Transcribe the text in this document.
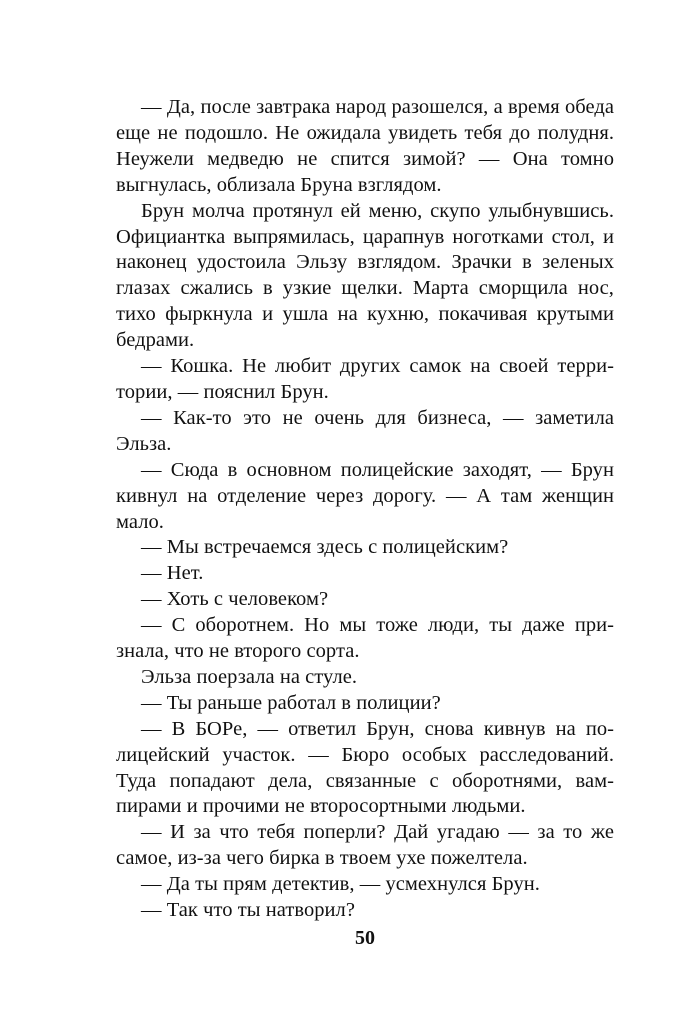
— Да, после завтрака народ разошелся, а время обеда еще не подошло. Не ожидала увидеть тебя до полудня. Неужели медведю не спится зимой? — Она томно выгнулась, облизала Бруна взглядом.

Брун молча протянул ей меню, скупо улыбнувшись. Официантка выпрямилась, царапнув ноготками стол, и наконец удостоила Эльзу взглядом. Зрачки в зеленых глазах сжались в узкие щелки. Марта сморщила нос, тихо фыркнула и ушла на кухню, покачивая крутыми бедрами.

— Кошка. Не любит других самок на своей территории, — пояснил Брун.

— Как-то это не очень для бизнеса, — заметила Эльза.

— Сюда в основном полицейские заходят, — Брун кивнул на отделение через дорогу. — А там женщин мало.

— Мы встречаемся здесь с полицейским?

— Нет.

— Хоть с человеком?

— С оборотнем. Но мы тоже люди, ты даже признала, что не второго сорта.

Эльза поерзала на стуле.

— Ты раньше работал в полиции?

— В БОРе, — ответил Брун, снова кивнув на полицейский участок. — Бюро особых расследований. Туда попадают дела, связанные с оборотнями, вампирами и прочими не второсортными людьми.

— И за что тебя поперли? Дай угадаю — за то же самое, из-за чего бирка в твоем ухе пожелтела.

— Да ты прям детектив, — усмехнулся Брун.

— Так что ты натворил?

50
